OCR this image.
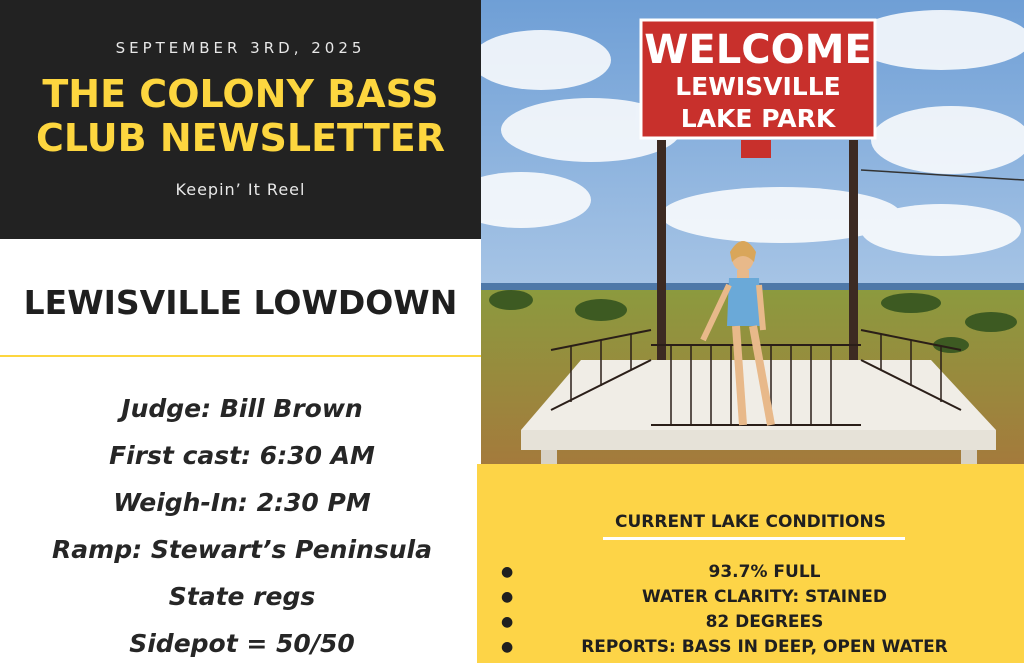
SEPTEMBER 3RD, 2025
THE COLONY BASS
CLUB NEWSLETTER
Keepin’ It Reel
LEWISVILLE LOWDOWN
Judge: Bill Brown
First cast: 6:30 AM
Weigh-In: 2:30 PM
Ramp: Stewart’s Peninsula
State regs
Sidepot = 50/50
WELCOME
LEWISVILLE
LAKE PARK
CURRENT LAKE CONDITIONS
●	93.7% FULL
●	WATER CLARITY: STAINED
●	82 DEGREES
●	REPORTS: BASS IN DEEP, OPEN WATER
